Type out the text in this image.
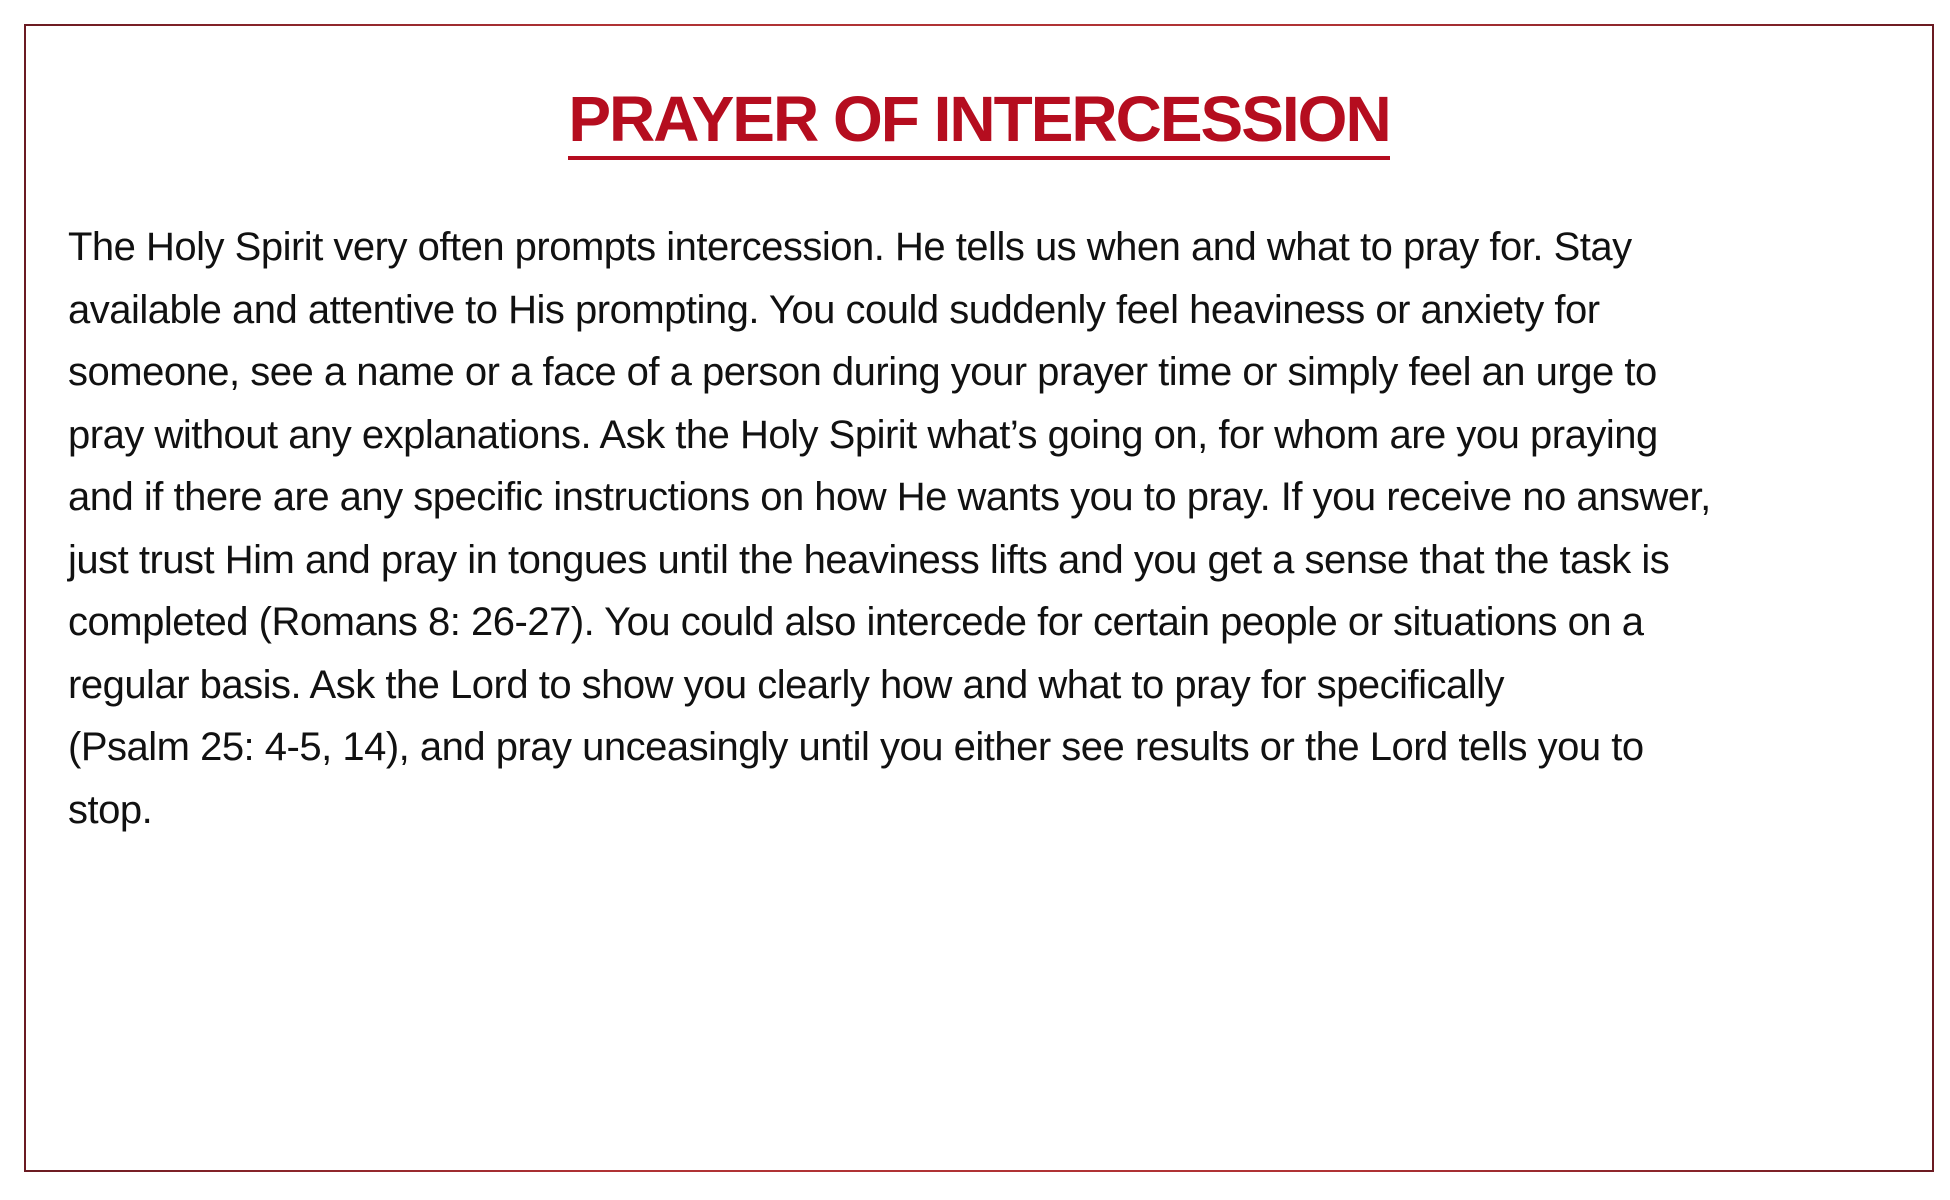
PRAYER OF INTERCESSION

The Holy Spirit very often prompts intercession. He tells us when and what to pray for. Stay
available and attentive to His prompting. You could suddenly feel heaviness or anxiety for
someone, see a name or a face of a person during your prayer time or simply feel an urge to
pray without any explanations. Ask the Holy Spirit what’s going on, for whom are you praying
and if there are any specific instructions on how He wants you to pray. If you receive no answer,
just trust Him and pray in tongues until the heaviness lifts and you get a sense that the task is
completed (Romans 8: 26-27). You could also intercede for certain people or situations on a
regular basis. Ask the Lord to show you clearly how and what to pray for specifically
(Psalm 25: 4-5, 14), and pray unceasingly until you either see results or the Lord tells you to
stop.
